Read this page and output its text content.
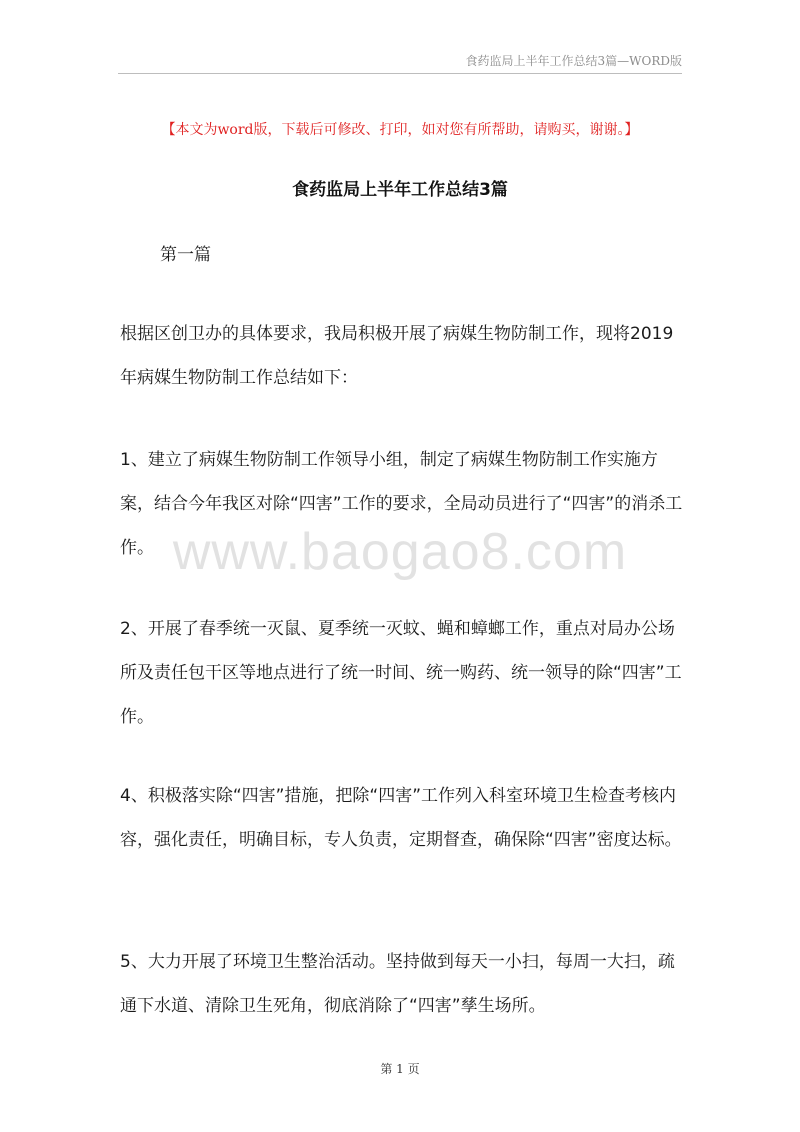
食药监局上半年工作总结3篇—WORD版
【本文为word版，下载后可修改、打印，如对您有所帮助，请购买，谢谢。】
食药监局上半年工作总结3篇
第一篇

根据区创卫办的具体要求，我局积极开展了病媒生物防制工作，现将2019年病媒生物防制工作总结如下：

1、建立了病媒生物防制工作领导小组，制定了病媒生物防制工作实施方案，结合今年我区对除“四害”工作的要求，全局动员进行了“四害”的消杀工作。

2、开展了春季统一灭鼠、夏季统一灭蚊、蝇和蟑螂工作，重点对局办公场所及责任包干区等地点进行了统一时间、统一购药、统一领导的除“四害”工作。

4、积极落实除“四害”措施，把除“四害”工作列入科室环境卫生检查考核内容，强化责任，明确目标，专人负责，定期督查，确保除“四害”密度达标。

5、大力开展了环境卫生整治活动。坚持做到每天一小扫，每周一大扫，疏通下水道、清除卫生死角，彻底消除了“四害”孳生场所。

www.baogao8.com
第 1 页
